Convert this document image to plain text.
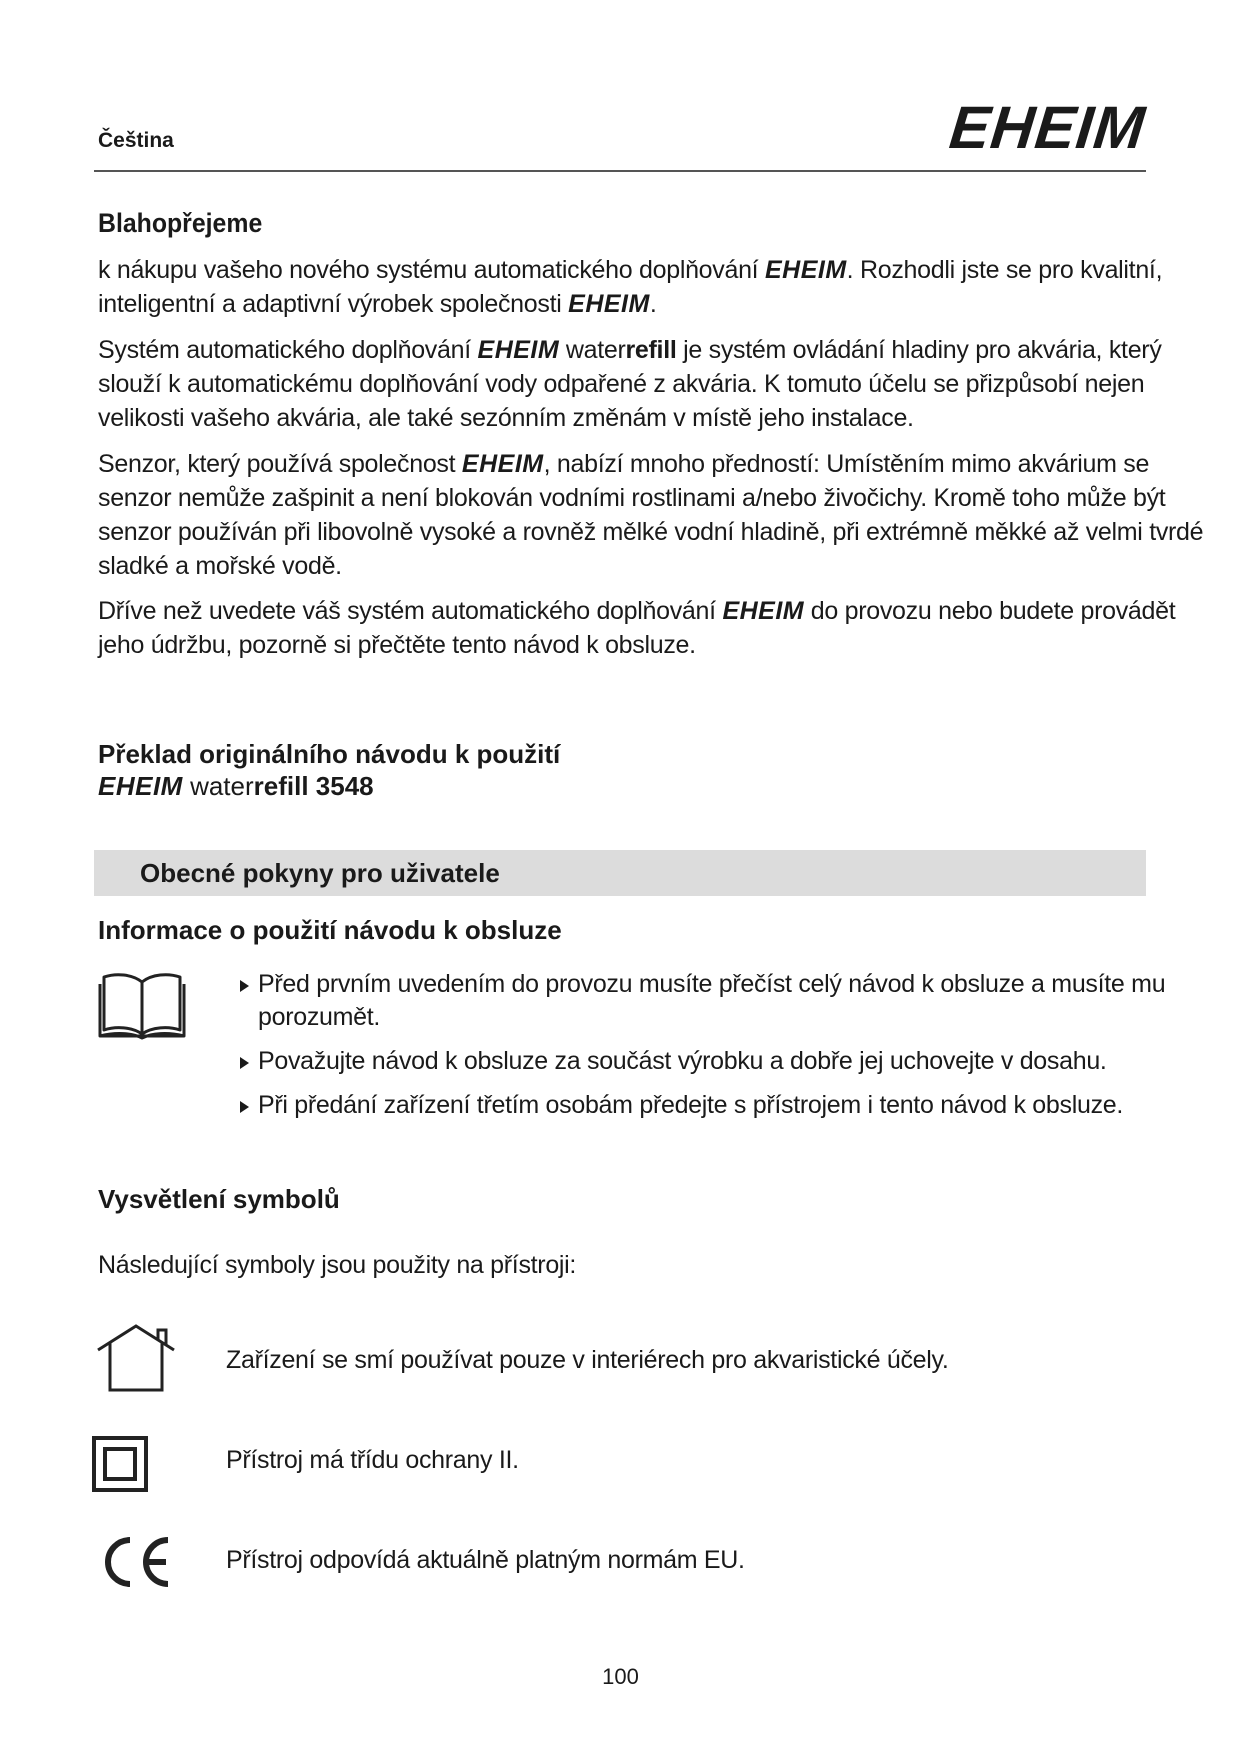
Čeština	EHEIM
Blahopřejeme
k nákupu vašeho nového systému automatického doplňování EHEIM. Rozhodli jste se pro kvalitní, inteligentní a adaptivní výrobek společnosti EHEIM.
Systém automatického doplňování EHEIM waterrefill je systém ovládání hladiny pro akvária, který slouží k automatickému doplňování vody odpařené z akvária. K tomuto účelu se přizpůsobí nejen velikosti vašeho akvária, ale také sezónním změnám v místě jeho instalace.
Senzor, který používá společnost EHEIM, nabízí mnoho předností: Umístěním mimo akvárium se senzor nemůže zašpinit a není blokován vodními rostlinami a/nebo živočichy. Kromě toho může být senzor používán při libovolně vysoké a rovněž mělké vodní hladině, při extrémně měkké až velmi tvrdé sladké a mořské vodě.
Dříve než uvedete váš systém automatického doplňování EHEIM do provozu nebo budete provádět jeho údržbu, pozorně si přečtěte tento návod k obsluze.
Překlad originálního návodu k použití
EHEIM waterrefill 3548
Obecné pokyny pro uživatele
Informace o použití návodu k obsluze
Před prvním uvedením do provozu musíte přečíst celý návod k obsluze a musíte mu porozumět.
Považujte návod k obsluze za součást výrobku a dobře jej uchovejte v dosahu.
Při předání zařízení třetím osobám předejte s přístrojem i tento návod k obsluze.
Vysvětlení symbolů
Následující symboly jsou použity na přístroji:
Zařízení se smí používat pouze v interiérech pro akvaristické účely.
Přístroj má třídu ochrany II.
Přístroj odpovídá aktuálně platným normám EU.
100
